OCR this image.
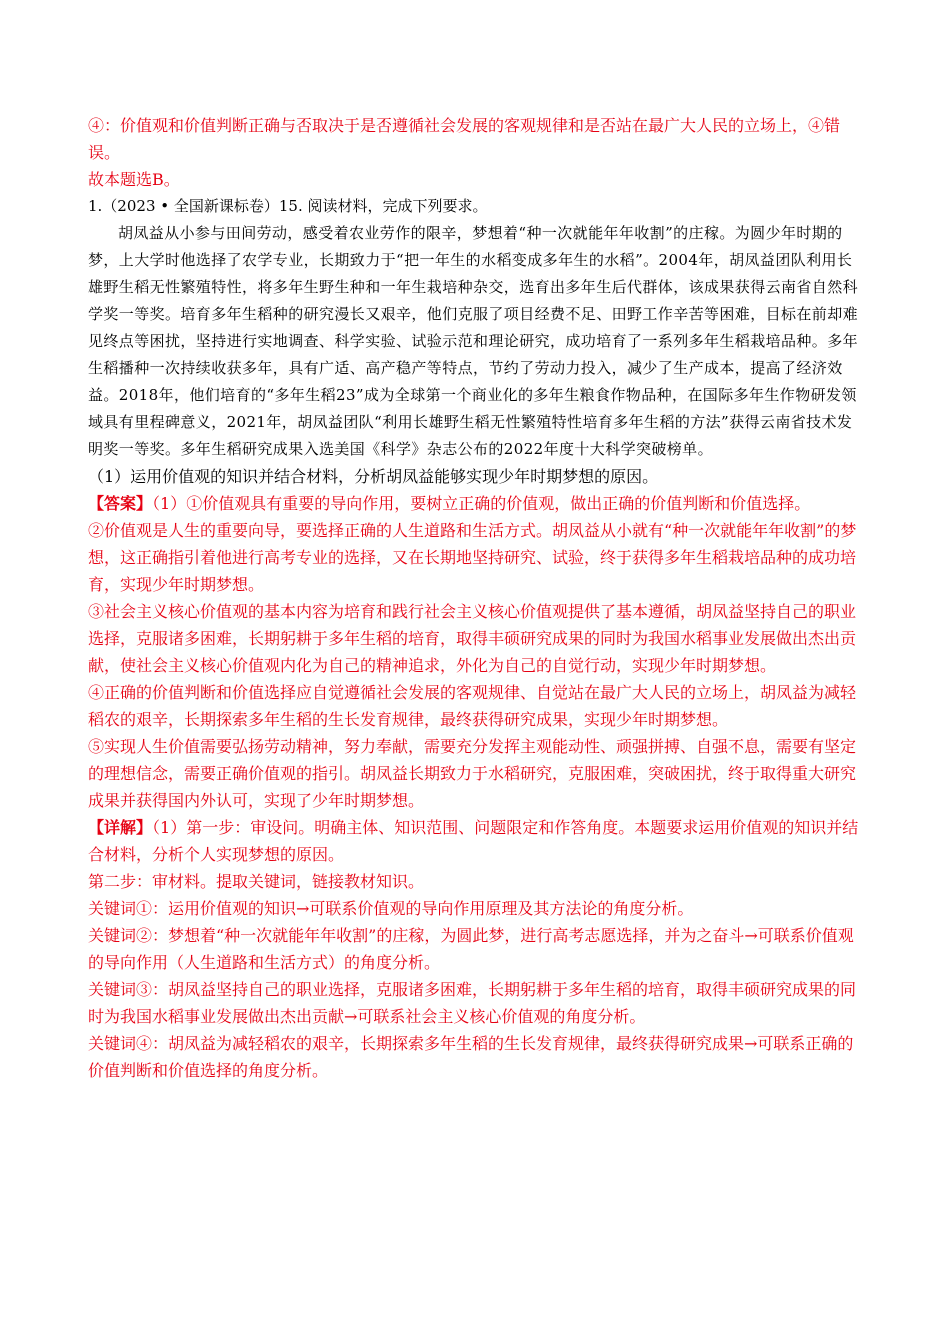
④：价值观和价值判断正确与否取决于是否遵循社会发展的客观规律和是否站在最广大人民的立场上，④错误。

故本题选B。

1.（2023 • 全国新课标卷）15. 阅读材料，完成下列要求。

胡凤益从小参与田间劳动，感受着农业劳作的限辛，梦想着“种一次就能年年收割”的庄稼。为圆少年时期的梦，上大学时他选择了农学专业，长期致力于“把一年生的水稻变成多年生的水稻”。2004年，胡凤益团队利用长雄野生稻无性繁殖特性，将多年生野生种和一年生栽培种杂交，选育出多年生后代群体，该成果获得云南省自然科学奖一等奖。培育多年生稻种的研究漫长又艰辛，他们克服了项目经费不足、田野工作辛苦等困难，目标在前却难见终点等困扰，坚持进行实地调查、科学实验、试验示范和理论研究，成功培育了一系列多年生稻栽培品种。多年生稻播种一次持续收获多年，具有广适、高产稳产等特点，节约了劳动力投入，减少了生产成本，提高了经济效益。2018年，他们培育的“多年生稻23”成为全球第一个商业化的多年生粮食作物品种，在国际多年生作物研发领域具有里程碑意义，2021年，胡凤益团队“利用长雄野生稻无性繁殖特性培育多年生稻的方法”获得云南省技术发明奖一等奖。多年生稻研究成果入选美国《科学》杂志公布的2022年度十大科学突破榜单。

（1）运用价值观的知识并结合材料，分析胡凤益能够实现少年时期梦想的原因。

【答案】（1）①价值观具有重要的导向作用，要树立正确的价值观，做出正确的价值判断和价值选择。

②价值观是人生的重要向导，要选择正确的人生道路和生活方式。胡凤益从小就有“种一次就能年年收割”的梦想，这正确指引着他进行高考专业的选择，又在长期地坚持研究、试验，终于获得多年生稻栽培品种的成功培育，实现少年时期梦想。

③社会主义核心价值观的基本内容为培育和践行社会主义核心价值观提供了基本遵循，胡凤益坚持自己的职业选择，克服诸多困难，长期躬耕于多年生稻的培育，取得丰硕研究成果的同时为我国水稻事业发展做出杰出贡献，使社会主义核心价值观内化为自己的精神追求，外化为自己的自觉行动，实现少年时期梦想。

④正确的价值判断和价值选择应自觉遵循社会发展的客观规律、自觉站在最广大人民的立场上，胡凤益为减轻稻农的艰辛，长期探索多年生稻的生长发育规律，最终获得研究成果，实现少年时期梦想。

⑤实现人生价值需要弘扬劳动精神，努力奉献，需要充分发挥主观能动性、顽强拼搏、自强不息，需要有坚定的理想信念，需要正确价值观的指引。胡凤益长期致力于水稻研究，克服困难，突破困扰，终于取得重大研究成果并获得国内外认可，实现了少年时期梦想。

【详解】（1）第一步：审设问。明确主体、知识范围、问题限定和作答角度。本题要求运用价值观的知识并结合材料，分析个人实现梦想的原因。

第二步：审材料。提取关键词，链接教材知识。

关键词①：运用价值观的知识→可联系价值观的导向作用原理及其方法论的角度分析。

关键词②：梦想着“种一次就能年年收割”的庄稼，为圆此梦，进行高考志愿选择，并为之奋斗→可联系价值观的导向作用（人生道路和生活方式）的角度分析。

关键词③：胡凤益坚持自己的职业选择，克服诸多困难，长期躬耕于多年生稻的培育，取得丰硕研究成果的同时为我国水稻事业发展做出杰出贡献→可联系社会主义核心价值观的角度分析。

关键词④：胡凤益为减轻稻农的艰辛，长期探索多年生稻的生长发育规律，最终获得研究成果→可联系正确的价值判断和价值选择的角度分析。
